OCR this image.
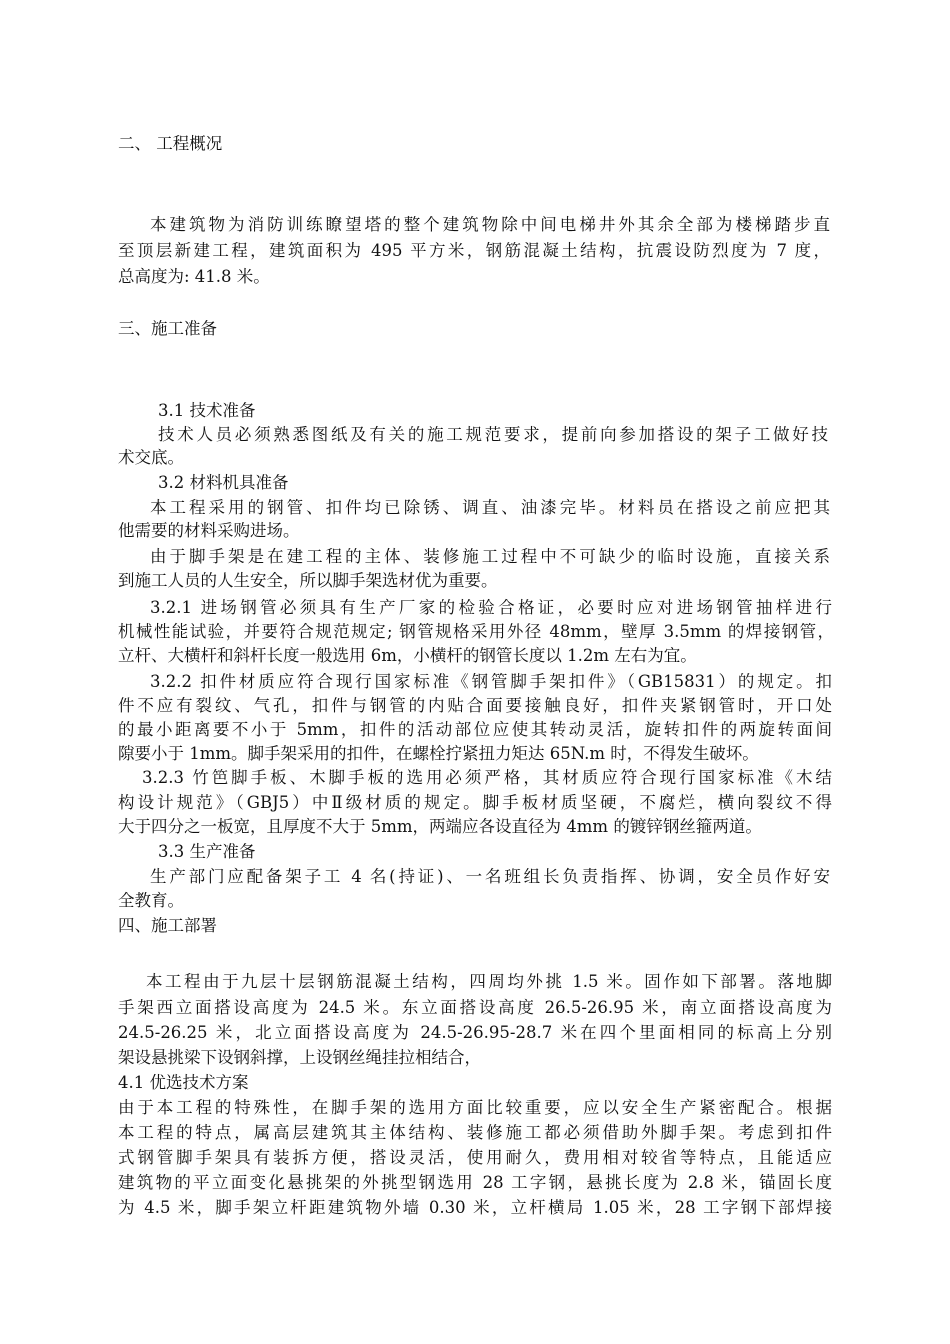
二、 工程概况
本建筑物为消防训练瞭望塔的整个建筑物除中间电梯井外其余全部为楼梯踏步直
至顶层新建工程，建筑面积为 495 平方米，钢筋混凝土结构，抗震设防烈度为 7 度，
总高度为: 41.8 米。
三、施工准备
3.1 技术准备
技术人员必须熟悉图纸及有关的施工规范要求，提前向参加搭设的架子工做好技
术交底。
3.2 材料机具准备
本工程采用的钢管、扣件均已除锈、调直、油漆完毕。材料员在搭设之前应把其
他需要的材料采购进场。
由于脚手架是在建工程的主体、装修施工过程中不可缺少的临时设施，直接关系
到施工人员的人生安全，所以脚手架选材优为重要。
3.2.1 进场钢管必须具有生产厂家的检验合格证，必要时应对进场钢管抽样进行
机械性能试验，并要符合规范规定; 钢管规格采用外径 48mm，壁厚 3.5mm 的焊接钢管，
立杆、大横杆和斜杆长度一般选用 6m，小横杆的钢管长度以 1.2m 左右为宜。
3.2.2 扣件材质应符合现行国家标准《钢管脚手架扣件》（GB15831）的规定。扣
件不应有裂纹、气孔，扣件与钢管的内贴合面要接触良好，扣件夹紧钢管时，开口处
的最小距离要不小于 5mm，扣件的活动部位应使其转动灵活，旋转扣件的两旋转面间
隙要小于 1mm。脚手架采用的扣件，在螺栓拧紧扭力矩达 65N.m 时，不得发生破坏。
3.2.3 竹笆脚手板、木脚手板的选用必须严格，其材质应符合现行国家标准《木结
构设计规范》（GBJ5）中Ⅱ级材质的规定。脚手板材质坚硬，不腐烂，横向裂纹不得
大于四分之一板宽，且厚度不大于 5mm，两端应各设直径为 4mm 的镀锌钢丝箍两道。
3.3 生产准备
生产部门应配备架子工 4 名(持证)、一名班组长负责指挥、协调，安全员作好安
全教育。
四、施工部署
本工程由于九层十层钢筋混凝土结构，四周均外挑 1.5 米。固作如下部署。落地脚
手架西立面搭设高度为 24.5 米。东立面搭设高度 26.5-26.95 米，南立面搭设高度为
24.5-26.25 米，北立面搭设高度为 24.5-26.95-28.7 米在四个里面相同的标高上分别
架设悬挑梁下设钢斜撑，上设钢丝绳挂拉相结合，
4.1 优选技术方案
由于本工程的特殊性，在脚手架的选用方面比较重要，应以安全生产紧密配合。根据
本工程的特点，属高层建筑其主体结构、装修施工都必须借助外脚手架。考虑到扣件
式钢管脚手架具有装拆方便，搭设灵活，使用耐久，费用相对较省等特点，且能适应
建筑物的平立面变化悬挑架的外挑型钢选用 28 工字钢，悬挑长度为 2.8 米，锚固长度
为 4.5 米，脚手架立杆距建筑物外墙 0.30 米，立杆横局 1.05 米，28 工字钢下部焊接
